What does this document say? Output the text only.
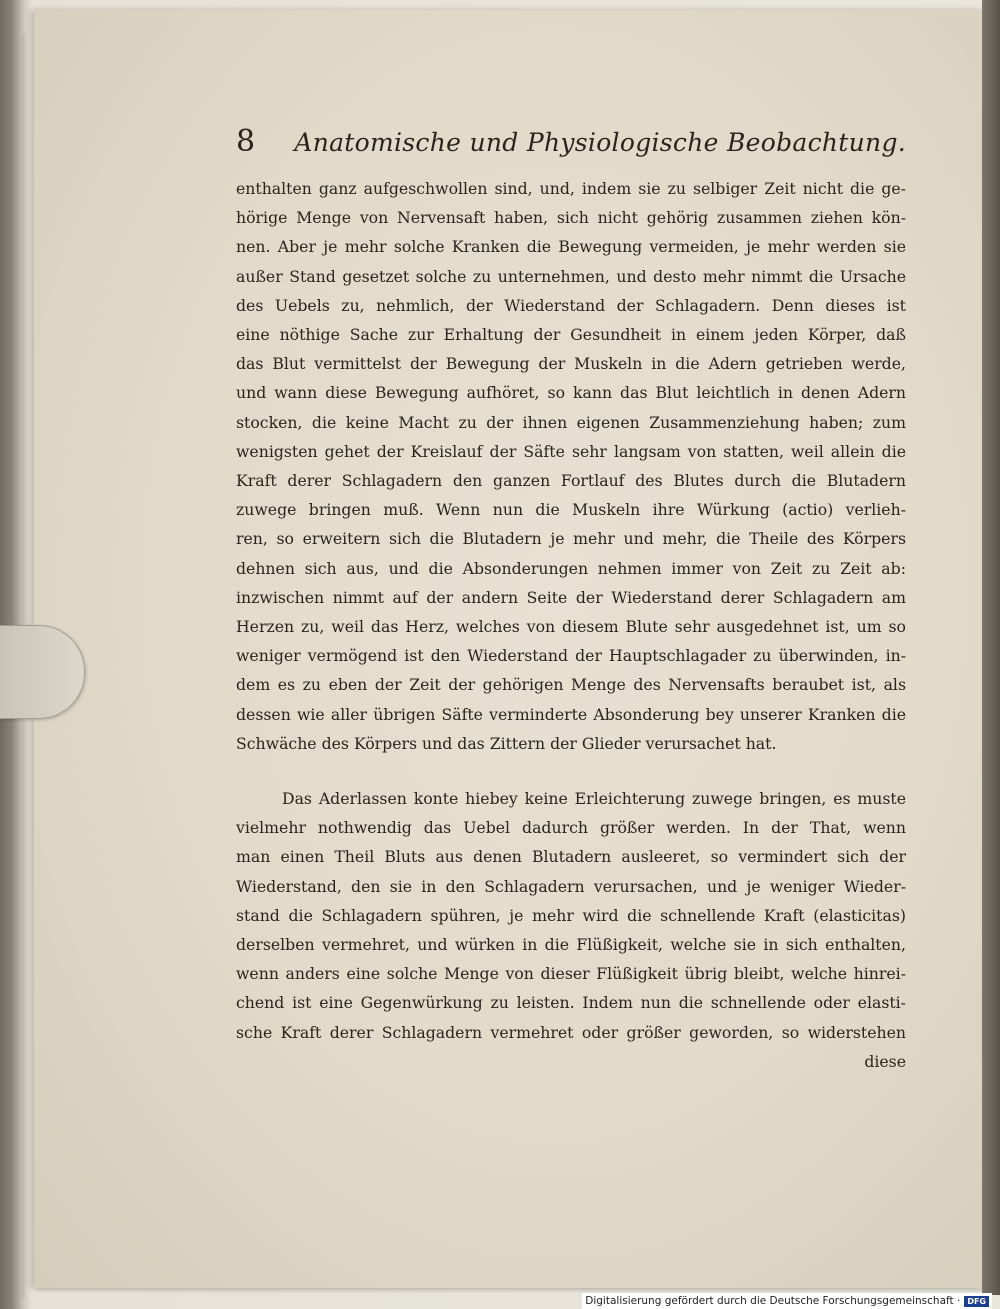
8	Anatomische und Physiologische Beobachtung.

enthalten ganz aufgeschwollen sind, und, indem sie zu selbiger Zeit nicht die ge-
hörige Menge von Nervensaft haben, sich nicht gehörig zusammen ziehen kön-
nen. Aber je mehr solche Kranken die Bewegung vermeiden, je mehr werden sie
außer Stand gesetzet solche zu unternehmen, und desto mehr nimmt die Ursache
des Uebels zu, nehmlich, der Wiederstand der Schlagadern. Denn dieses ist
eine nöthige Sache zur Erhaltung der Gesundheit in einem jeden Körper, daß
das Blut vermittelst der Bewegung der Muskeln in die Adern getrieben werde,
und wann diese Bewegung aufhöret, so kann das Blut leichtlich in denen Adern
stocken, die keine Macht zu der ihnen eigenen Zusammenziehung haben; zum
wenigsten gehet der Kreislauf der Säfte sehr langsam von statten, weil allein die
Kraft derer Schlagadern den ganzen Fortlauf des Blutes durch die Blutadern
zuwege bringen muß. Wenn nun die Muskeln ihre Würkung (actio) verlieh-
ren, so erweitern sich die Blutadern je mehr und mehr, die Theile des Körpers
dehnen sich aus, und die Absonderungen nehmen immer von Zeit zu Zeit ab:
inzwischen nimmt auf der andern Seite der Wiederstand derer Schlagadern am
Herzen zu, weil das Herz, welches von diesem Blute sehr ausgedehnet ist, um so
weniger vermögend ist den Wiederstand der Hauptschlagader zu überwinden, in-
dem es zu eben der Zeit der gehörigen Menge des Nervensafts beraubet ist, als
dessen wie aller übrigen Säfte verminderte Absonderung bey unserer Kranken die
Schwäche des Körpers und das Zittern der Glieder verursachet hat.

Das Aderlassen konte hiebey keine Erleichterung zuwege bringen, es muste
vielmehr nothwendig das Uebel dadurch größer werden. In der That, wenn
man einen Theil Bluts aus denen Blutadern ausleeret, so vermindert sich der
Wiederstand, den sie in den Schlagadern verursachen, und je weniger Wieder-
stand die Schlagadern spühren, je mehr wird die schnellende Kraft (elasticitas)
derselben vermehret, und würken in die Flüßigkeit, welche sie in sich enthalten,
wenn anders eine solche Menge von dieser Flüßigkeit übrig bleibt, welche hinrei-
chend ist eine Gegenwürkung zu leisten. Indem nun die schnellende oder elasti-
sche Kraft derer Schlagadern vermehret oder größer geworden, so widerstehen

diese
Digitalisierung gefördert durch die Deutsche Forschungsgemeinschaft · DFG
